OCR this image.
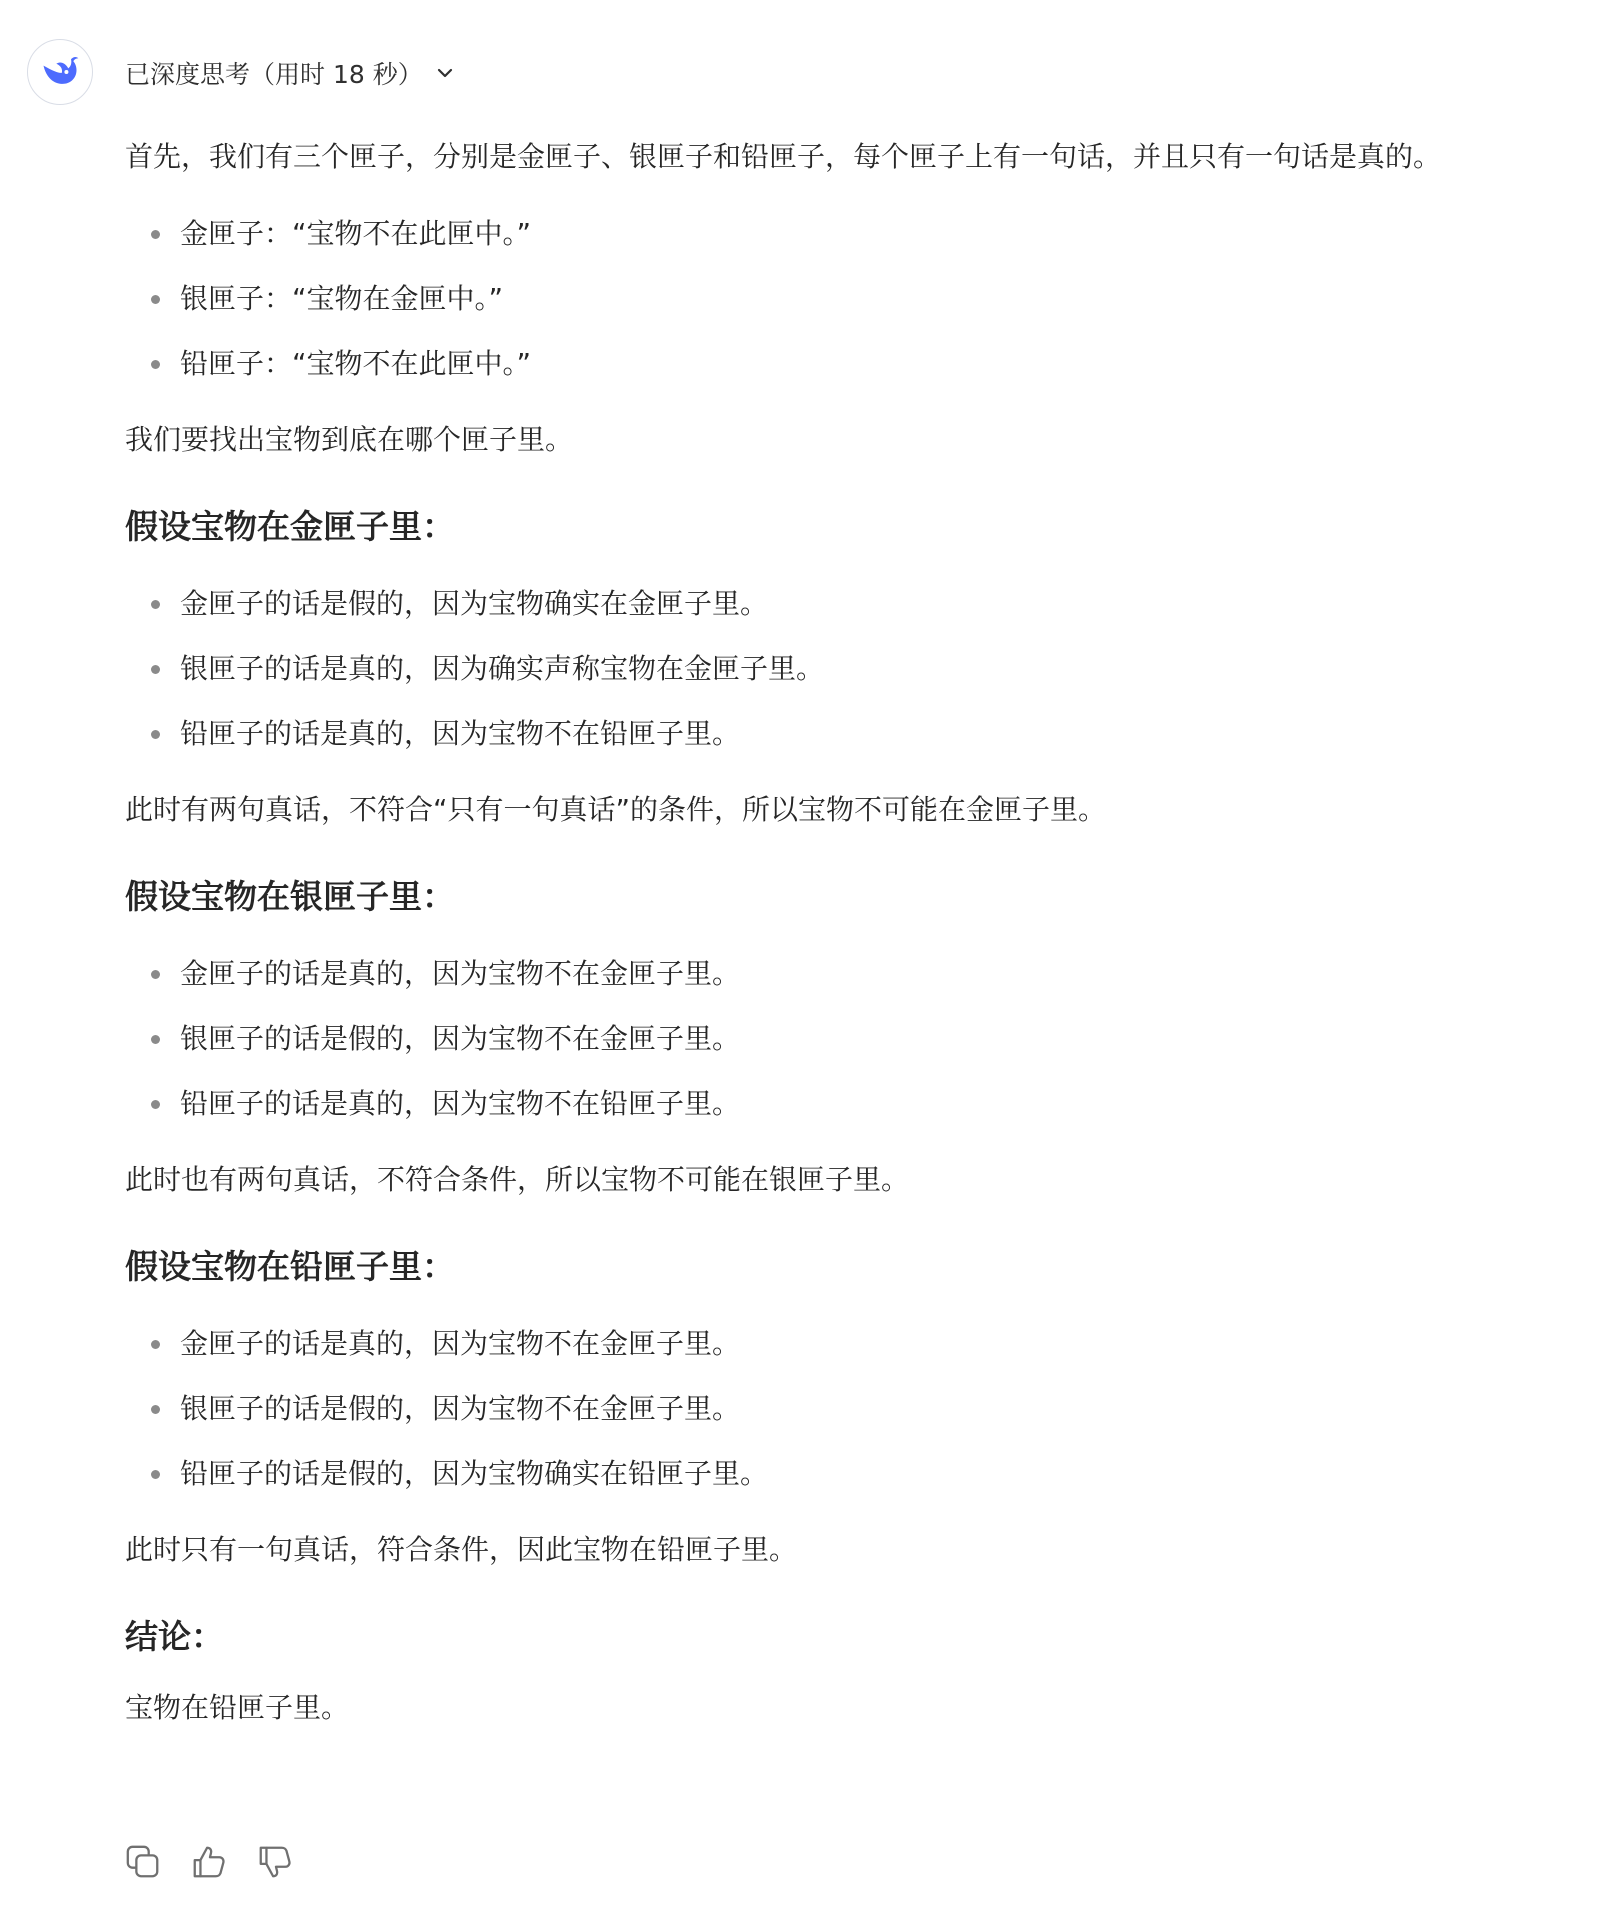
已深度思考（用时 18 秒）

首先，我们有三个匣子，分别是金匣子、银匣子和铅匣子，每个匣子上有一句话，并且只有一句话是真的。

金匣子：“宝物不在此匣中。”
银匣子：“宝物在金匣中。”
铅匣子：“宝物不在此匣中。”

我们要找出宝物到底在哪个匣子里。

假设宝物在金匣子里：
金匣子的话是假的，因为宝物确实在金匣子里。
银匣子的话是真的，因为确实声称宝物在金匣子里。
铅匣子的话是真的，因为宝物不在铅匣子里。

此时有两句真话，不符合“只有一句真话”的条件，所以宝物不可能在金匣子里。

假设宝物在银匣子里：
金匣子的话是真的，因为宝物不在金匣子里。
银匣子的话是假的，因为宝物不在金匣子里。
铅匣子的话是真的，因为宝物不在铅匣子里。

此时也有两句真话，不符合条件，所以宝物不可能在银匣子里。

假设宝物在铅匣子里：
金匣子的话是真的，因为宝物不在金匣子里。
银匣子的话是假的，因为宝物不在金匣子里。
铅匣子的话是假的，因为宝物确实在铅匣子里。

此时只有一句真话，符合条件，因此宝物在铅匣子里。

结论：

宝物在铅匣子里。
